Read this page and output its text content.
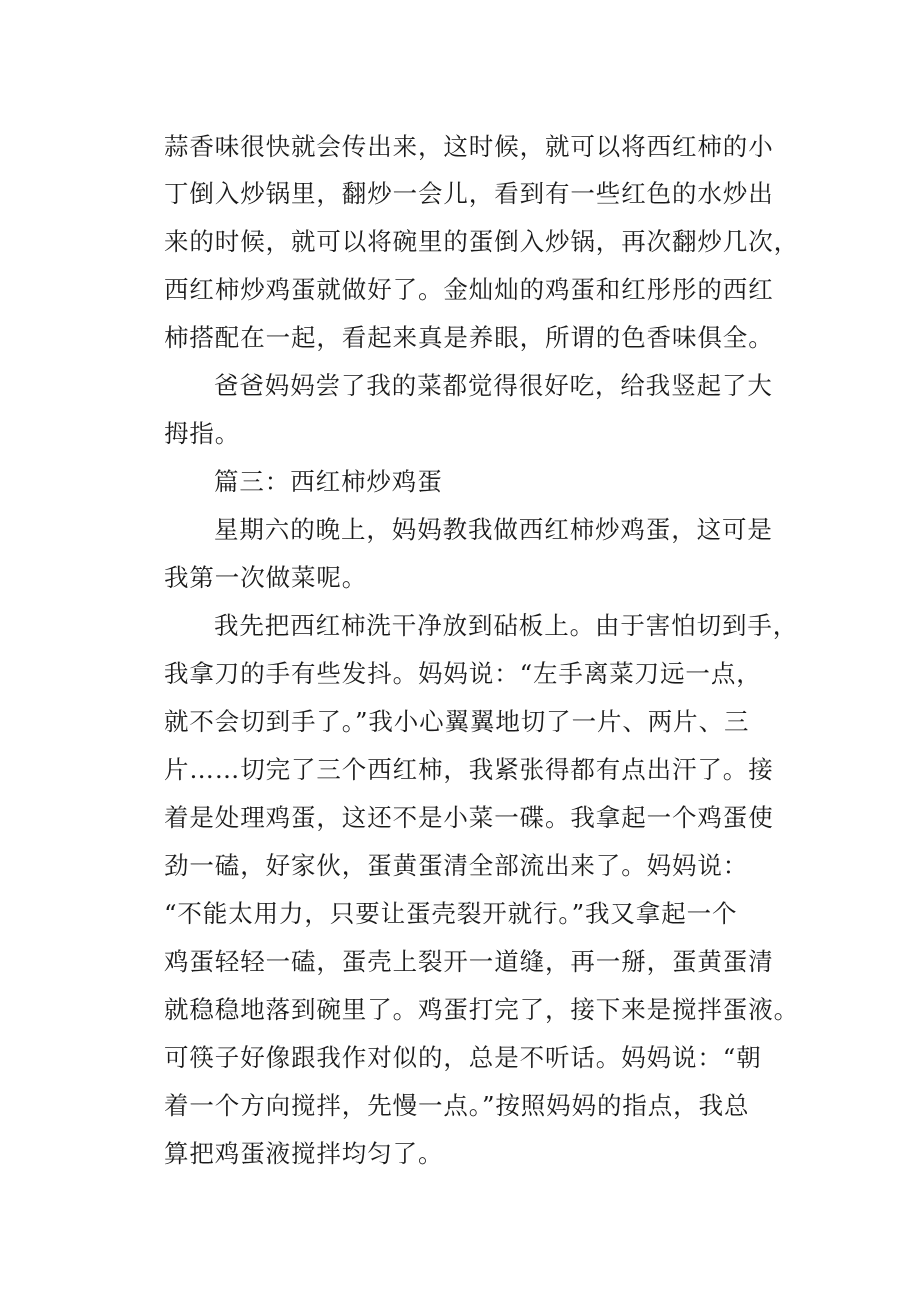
蒜香味很快就会传出来，这时候，就可以将西红柿的小
丁倒入炒锅里，翻炒一会儿，看到有一些红色的水炒出
来的时候，就可以将碗里的蛋倒入炒锅，再次翻炒几次，
西红柿炒鸡蛋就做好了。金灿灿的鸡蛋和红彤彤的西红
柿搭配在一起，看起来真是养眼，所谓的色香味俱全。
爸爸妈妈尝了我的菜都觉得很好吃，给我竖起了大
拇指。
篇三：西红柿炒鸡蛋
星期六的晚上，妈妈教我做西红柿炒鸡蛋，这可是
我第一次做菜呢。
我先把西红柿洗干净放到砧板上。由于害怕切到手，
我拿刀的手有些发抖。妈妈说：“左手离菜刀远一点，
就不会切到手了。”我小心翼翼地切了一片、两片、三
片……切完了三个西红柿，我紧张得都有点出汗了。接
着是处理鸡蛋，这还不是小菜一碟。我拿起一个鸡蛋使
劲一磕，好家伙，蛋黄蛋清全部流出来了。妈妈说：
“不能太用力，只要让蛋壳裂开就行。”我又拿起一个
鸡蛋轻轻一磕，蛋壳上裂开一道缝，再一掰，蛋黄蛋清
就稳稳地落到碗里了。鸡蛋打完了，接下来是搅拌蛋液。
可筷子好像跟我作对似的，总是不听话。妈妈说：“朝
着一个方向搅拌，先慢一点。”按照妈妈的指点，我总
算把鸡蛋液搅拌均匀了。
